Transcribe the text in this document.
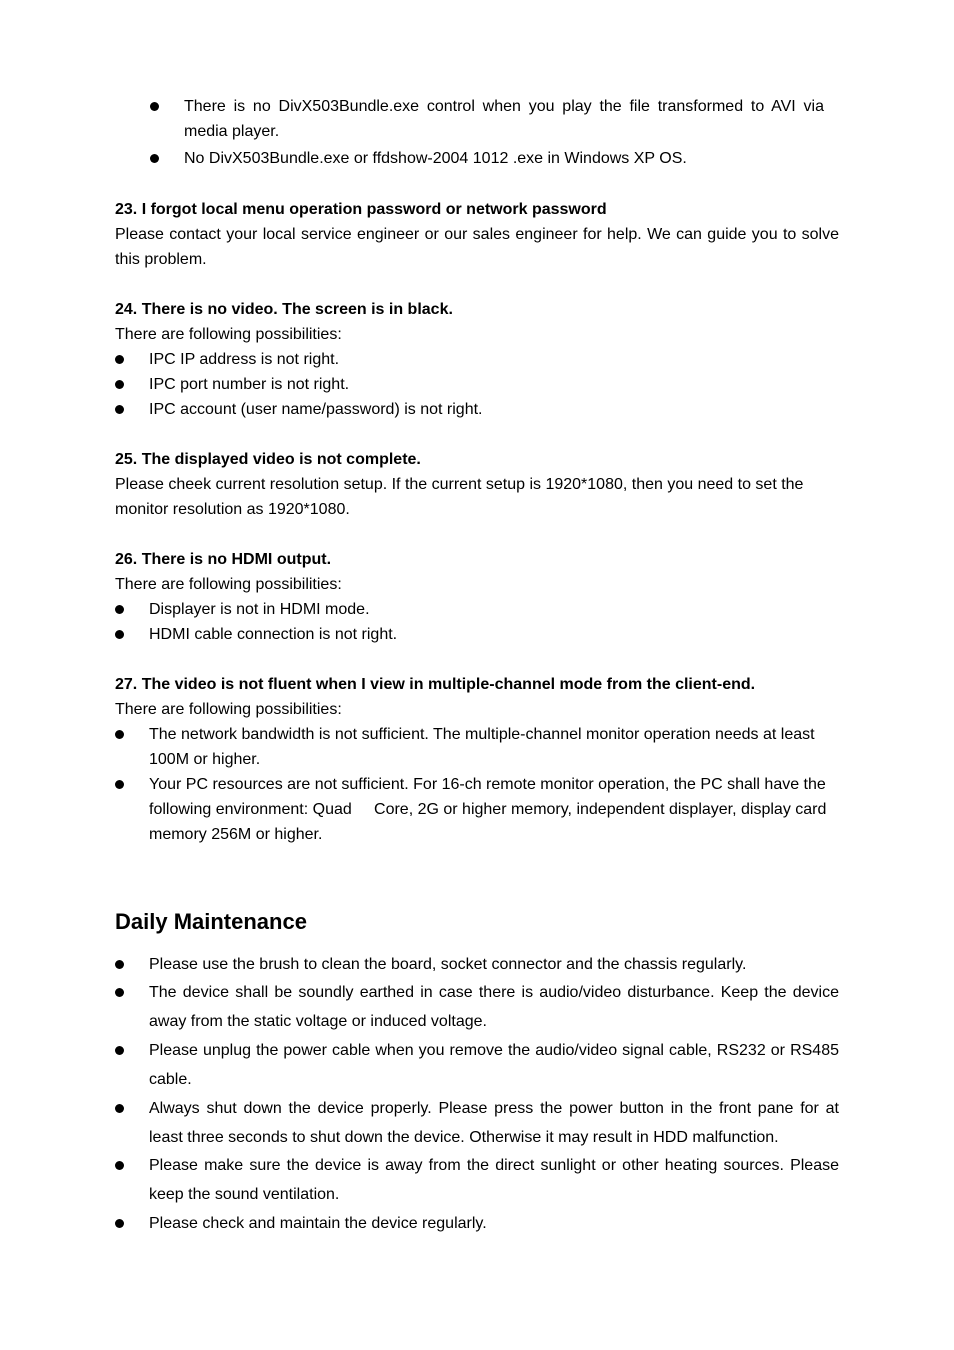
There is no DivX503Bundle.exe control when you play the file transformed to AVI via media player.
No DivX503Bundle.exe or ffdshow-2004 1012 .exe in Windows XP OS.
23. I forgot local menu operation password or network password
Please contact your local service engineer or our sales engineer for help. We can guide you to solve this problem.
24. There is no video. The screen is in black.
There are following possibilities:
IPC IP address is not right.
IPC port number is not right.
IPC account (user name/password) is not right.
25. The displayed video is not complete.
Please cheek current resolution setup. If the current setup is 1920*1080, then you need to set the monitor resolution as 1920*1080.
26. There is no HDMI output.
There are following possibilities:
Displayer is not in HDMI mode.
HDMI cable connection is not right.
27. The video is not fluent when I view in multiple-channel mode from the client-end.
There are following possibilities:
The network bandwidth is not sufficient. The multiple-channel monitor operation needs at least 100M or higher.
Your PC resources are not sufficient. For 16-ch remote monitor operation, the PC shall have the following environment: Quad     Core, 2G or higher memory, independent displayer, display card memory 256M or higher.
Daily Maintenance
Please use the brush to clean the board, socket connector and the chassis regularly.
The device shall be soundly earthed in case there is audio/video disturbance. Keep the device away from the static voltage or induced voltage.
Please unplug the power cable when you remove the audio/video signal cable, RS232 or RS485 cable.
Always shut down the device properly. Please press the power button in the front pane for at least three seconds to shut down the device. Otherwise it may result in HDD malfunction.
Please make sure the device is away from the direct sunlight or other heating sources. Please keep the sound ventilation.
Please check and maintain the device regularly.
